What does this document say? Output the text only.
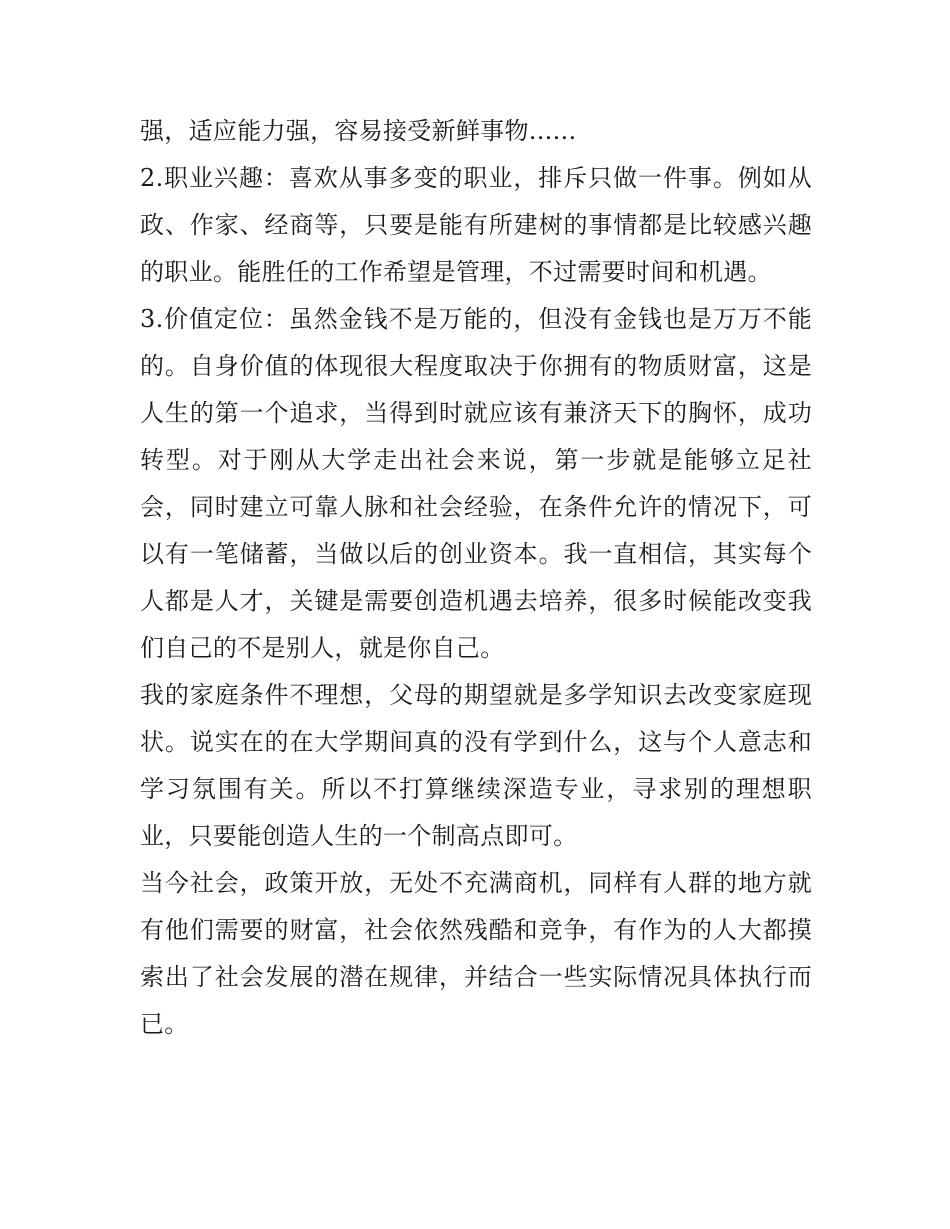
强，适应能力强，容易接受新鲜事物......
2.职业兴趣：喜欢从事多变的职业，排斥只做一件事。例如从
政、作家、经商等，只要是能有所建树的事情都是比较感兴趣
的职业。能胜任的工作希望是管理，不过需要时间和机遇。
3.价值定位：虽然金钱不是万能的，但没有金钱也是万万不能
的。自身价值的体现很大程度取决于你拥有的物质财富，这是
人生的第一个追求，当得到时就应该有兼济天下的胸怀，成功
转型。对于刚从大学走出社会来说，第一步就是能够立足社
会，同时建立可靠人脉和社会经验，在条件允许的情况下，可
以有一笔储蓄，当做以后的创业资本。我一直相信，其实每个
人都是人才，关键是需要创造机遇去培养，很多时候能改变我
们自己的不是别人，就是你自己。
我的家庭条件不理想，父母的期望就是多学知识去改变家庭现
状。说实在的在大学期间真的没有学到什么，这与个人意志和
学习氛围有关。所以不打算继续深造专业，寻求别的理想职
业，只要能创造人生的一个制高点即可。
当今社会，政策开放，无处不充满商机，同样有人群的地方就
有他们需要的财富，社会依然残酷和竞争，有作为的人大都摸
索出了社会发展的潜在规律，并结合一些实际情况具体执行而
已。
